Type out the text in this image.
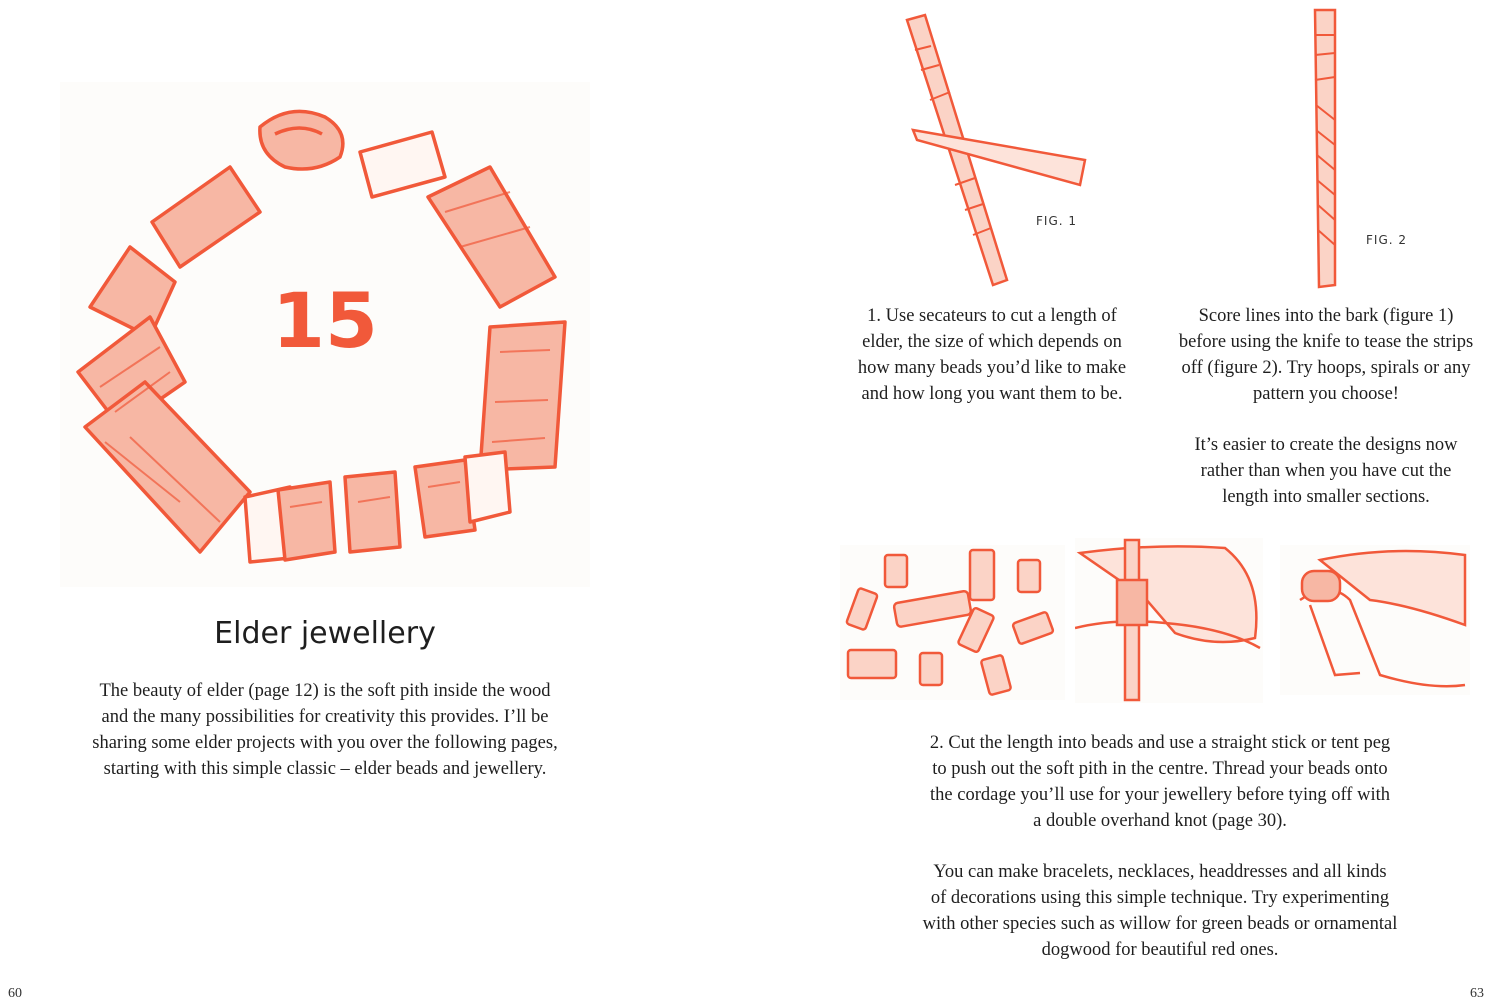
15
Elder jewellery
The beauty of elder (page 12) is the soft pith inside the wood
and the many possibilities for creativity this provides. I’ll be
sharing some elder projects with you over the following pages,
starting with this simple classic – elder beads and jewellery.
60
FIG. 1
FIG. 2
1. Use secateurs to cut a length of
elder, the size of which depends on
how many beads you’d like to make
and how long you want them to be.
Score lines into the bark (figure 1)
before using the knife to tease the strips
off (figure 2). Try hoops, spirals or any
pattern you choose!
It’s easier to create the designs now
rather than when you have cut the
length into smaller sections.
2. Cut the length into beads and use a straight stick or tent peg
to push out the soft pith in the centre. Thread your beads onto
the cordage you’ll use for your jewellery before tying off with
a double overhand knot (page 30).
You can make bracelets, necklaces, headdresses and all kinds
of decorations using this simple technique. Try experimenting
with other species such as willow for green beads or ornamental
dogwood for beautiful red ones.
63
